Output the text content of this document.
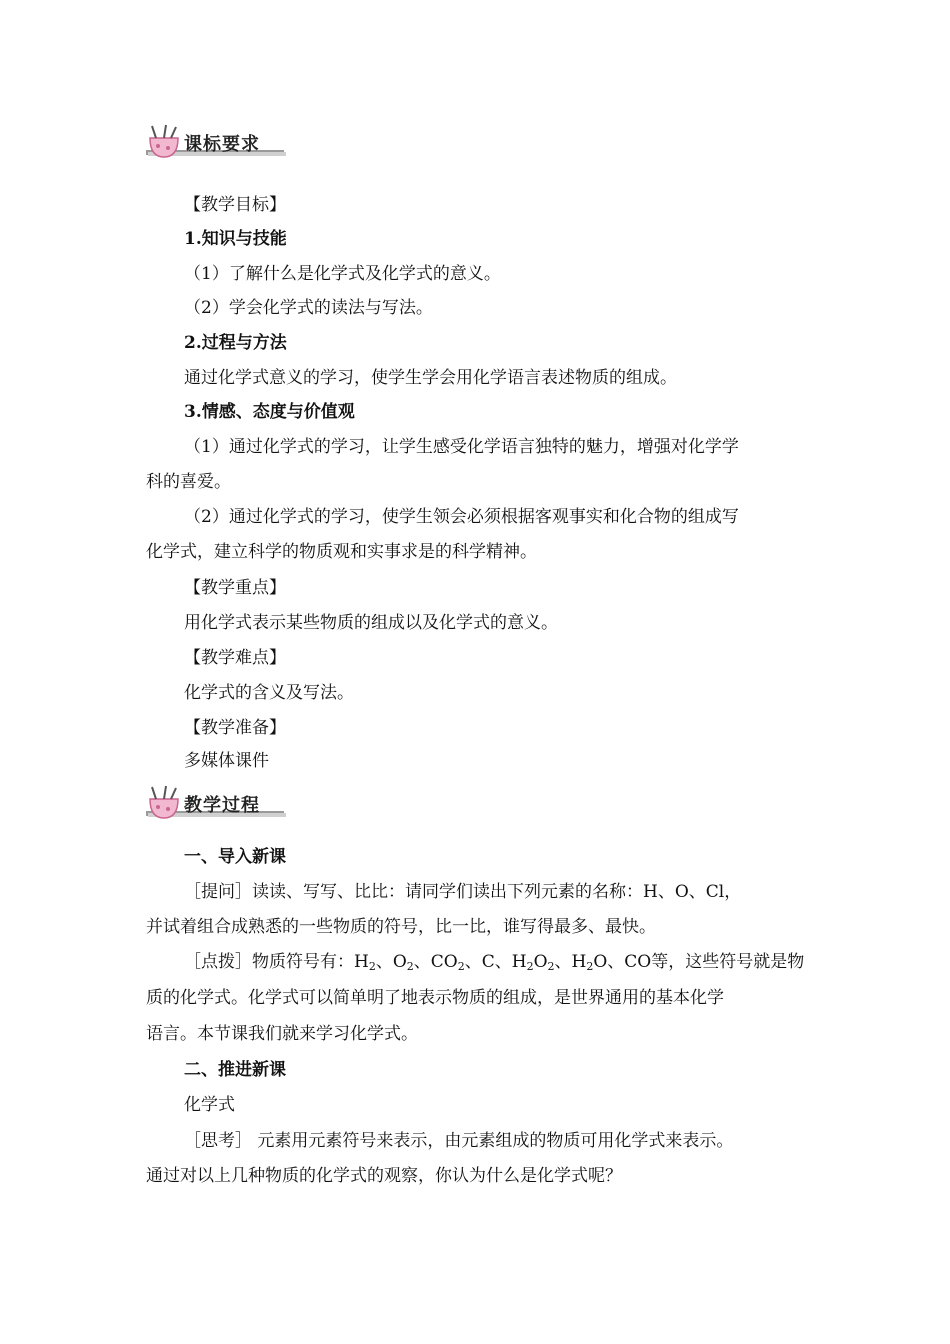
课标要求
【教学目标】
1.知识与技能
（1）了解什么是化学式及化学式的意义。
（2）学会化学式的读法与写法。
2.过程与方法
通过化学式意义的学习，使学生学会用化学语言表述物质的组成。
3.情感、态度与价值观
（1）通过化学式的学习，让学生感受化学语言独特的魅力，增强对化学学
科的喜爱。
（2）通过化学式的学习，使学生领会必须根据客观事实和化合物的组成写
化学式，建立科学的物质观和实事求是的科学精神。
【教学重点】
用化学式表示某些物质的组成以及化学式的意义。
【教学难点】
化学式的含义及写法。
【教学准备】
多媒体课件
教学过程
一、导入新课
［提问］读读、写写、比比：请同学们读出下列元素的名称：H、O、Cl，
并试着组合成熟悉的一些物质的符号，比一比，谁写得最多、最快。
［点拨］物质符号有：$H_2$、$O_2$、$CO_2$、C、$H_2O_2$、$H_2O$、CO等，这些符号就是物
质的化学式。化学式可以简单明了地表示物质的组成，是世界通用的基本化学
语言。本节课我们就来学习化学式。
二、推进新课
化学式
［思考］ 元素用元素符号来表示，由元素组成的物质可用化学式来表示。
通过对以上几种物质的化学式的观察，你认为什么是化学式呢？
